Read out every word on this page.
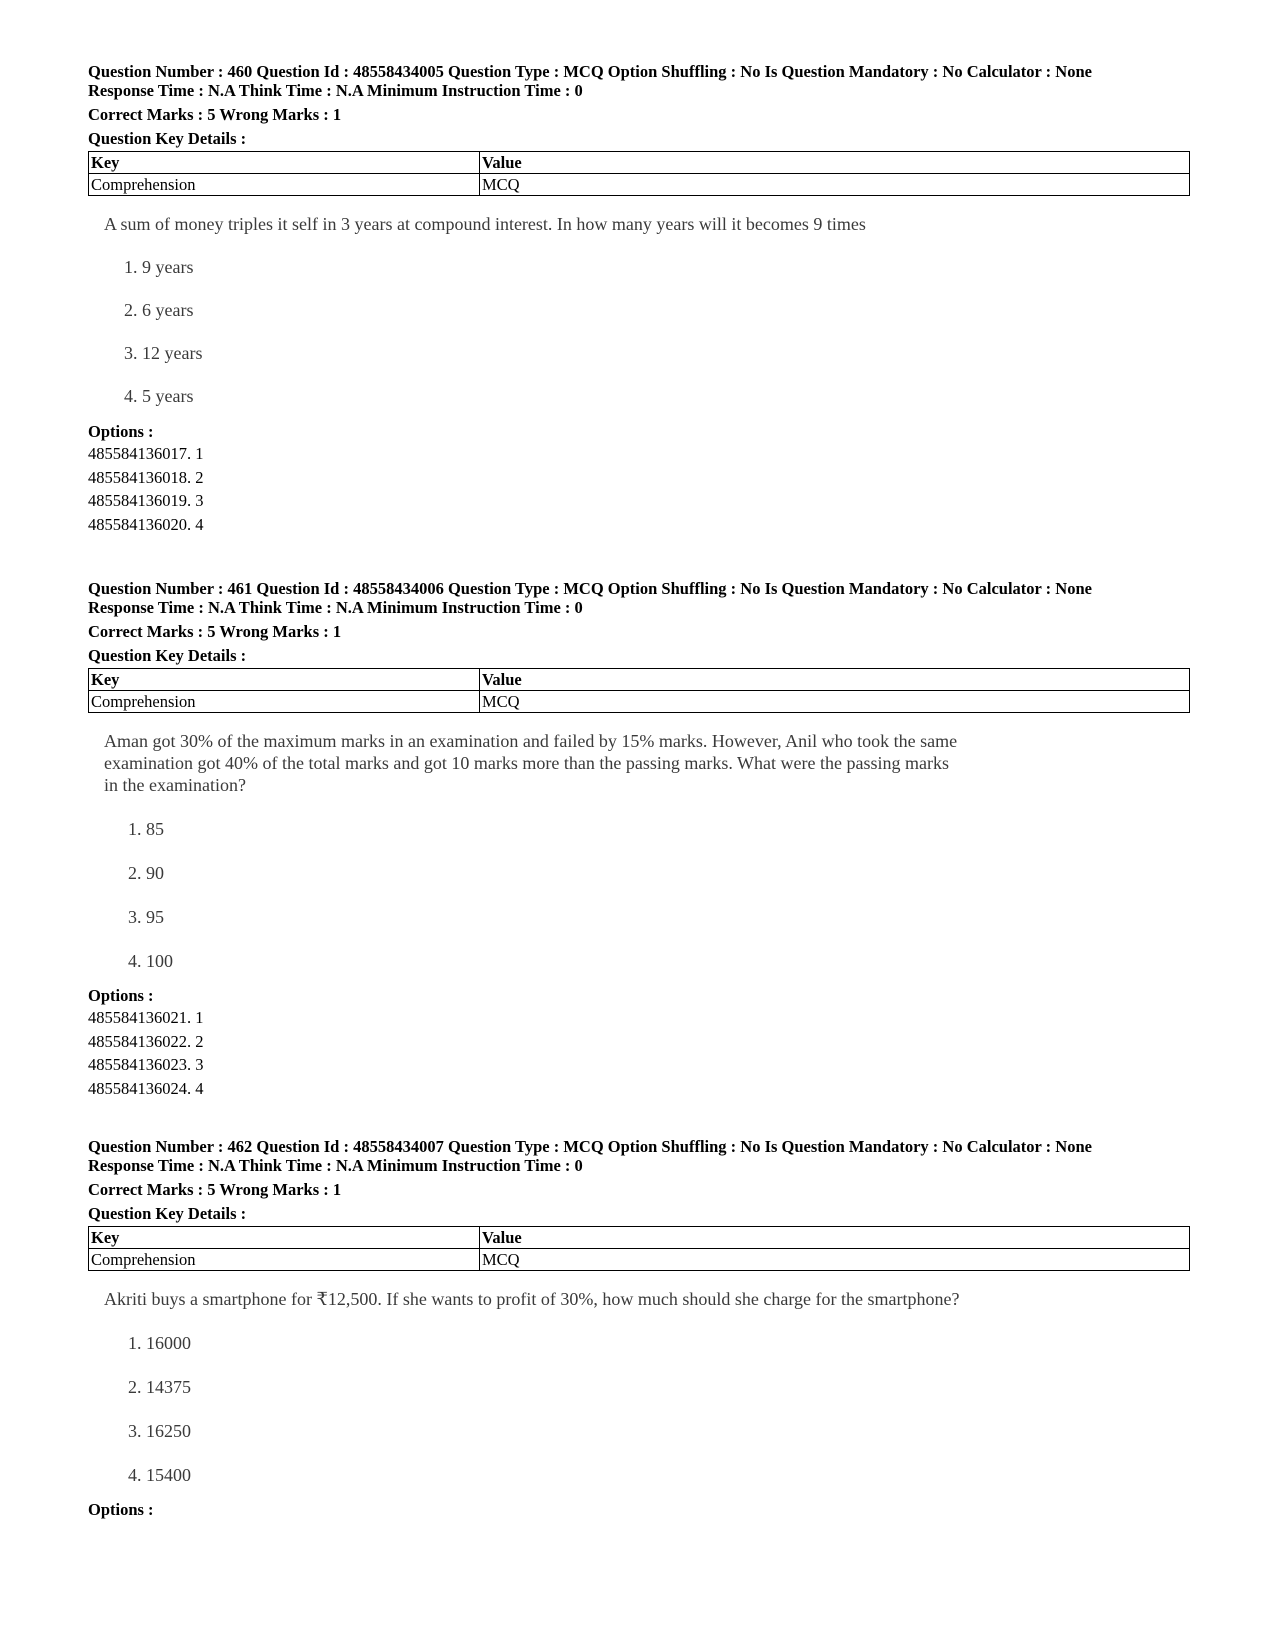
Question Number : 460 Question Id : 48558434005 Question Type : MCQ Option Shuffling : No Is Question Mandatory : No Calculator : None
Response Time : N.A Think Time : N.A Minimum Instruction Time : 0
Correct Marks : 5 Wrong Marks : 1
Question Key Details :
Key	Value
Comprehension	MCQ
A sum of money triples it self in 3 years at compound interest. In how many years will it becomes 9 times
1. 9 years
2. 6 years
3. 12 years
4. 5 years
Options :
485584136017. 1
485584136018. 2
485584136019. 3
485584136020. 4
Question Number : 461 Question Id : 48558434006 Question Type : MCQ Option Shuffling : No Is Question Mandatory : No Calculator : None
Response Time : N.A Think Time : N.A Minimum Instruction Time : 0
Correct Marks : 5 Wrong Marks : 1
Question Key Details :
Key	Value
Comprehension	MCQ
Aman got 30% of the maximum marks in an examination and failed by 15% marks. However, Anil who took the same examination got 40% of the total marks and got 10 marks more than the passing marks. What were the passing marks in the examination?
1. 85
2. 90
3. 95
4. 100
Options :
485584136021. 1
485584136022. 2
485584136023. 3
485584136024. 4
Question Number : 462 Question Id : 48558434007 Question Type : MCQ Option Shuffling : No Is Question Mandatory : No Calculator : None
Response Time : N.A Think Time : N.A Minimum Instruction Time : 0
Correct Marks : 5 Wrong Marks : 1
Question Key Details :
Key	Value
Comprehension	MCQ
Akriti buys a smartphone for ₹12,500. If she wants to profit of 30%, how much should she charge for the smartphone?
1. 16000
2. 14375
3. 16250
4. 15400
Options :
